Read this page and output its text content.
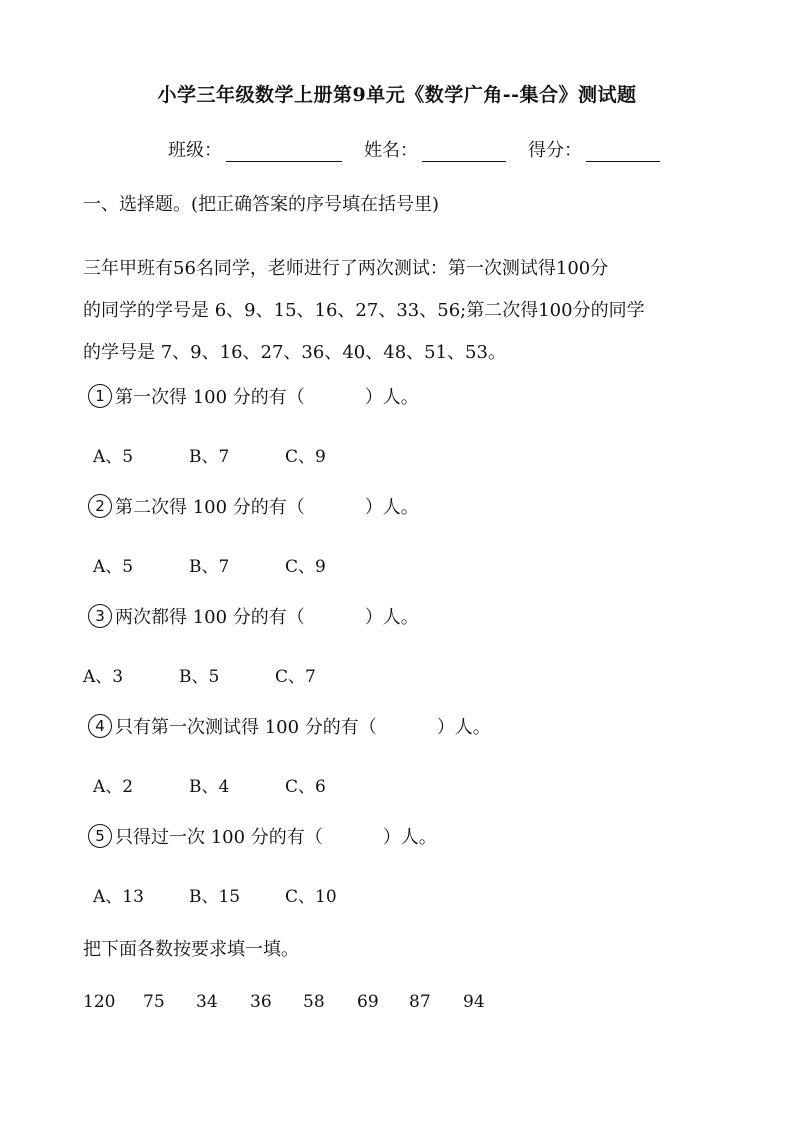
小学三年级数学上册第9单元《数学广角--集合》测试题
班级：	姓名：	得分：
一、选择题。(把正确答案的序号填在括号里)
三年甲班有56名同学，老师进行了两次测试：第一次测试得100分
的同学的学号是 6、9、15、16、27、33、56;第二次得100分的同学
的学号是 7、9、16、27、36、40、48、51、53。
1 第一次得 100 分的有（	）人。
A、5	B、7	C、9
2 第二次得 100 分的有（	）人。
A、5	B、7	C、9
3 两次都得 100 分的有（	）人。
A、3	B、5	C、7
4 只有第一次测试得 100 分的有（	）人。
A、2	B、4	C、6
5 只得过一次 100 分的有（	）人。
A、13	B、15	C、10
把下面各数按要求填一填。
120 75 34 36 58 69 87 94
